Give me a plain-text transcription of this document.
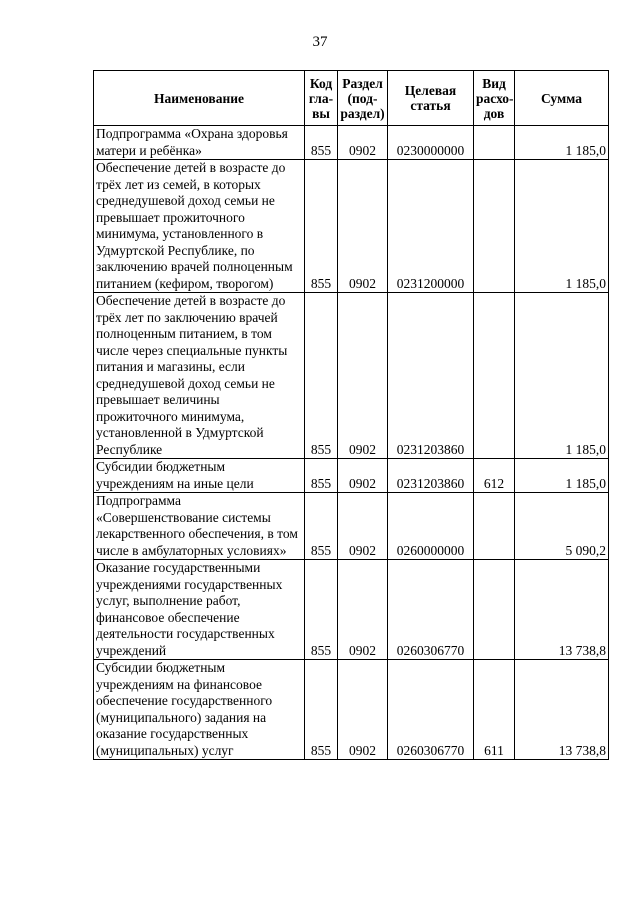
37
Наименование	Код гла- вы	Раздел (под- раздел)	Целевая статья	Вид расхо- дов	Сумма
Подпрограмма «Охрана здоровья матери и ребёнка»	855	0902	0230000000		1 185,0
Обеспечение детей в возрасте до трёх лет из семей, в которых среднедушевой доход семьи не превышает прожиточного минимума, установленного в Удмуртской Республике, по заключению врачей полноценным питанием (кефиром, творогом)	855	0902	0231200000		1 185,0
Обеспечение детей в возрасте до трёх лет по заключению врачей полноценным питанием, в том числе через специальные пункты питания и магазины, если среднедушевой доход семьи не превышает величины прожиточного минимума, установленной в Удмуртской Республике	855	0902	0231203860		1 185,0
Субсидии бюджетным учреждениям на иные цели	855	0902	0231203860	612	1 185,0
Подпрограмма «Совершенствование системы лекарственного обеспечения, в том числе в амбулаторных условиях»	855	0902	0260000000		5 090,2
Оказание государственными учреждениями государственных услуг, выполнение работ, финансовое обеспечение деятельности государственных учреждений	855	0902	0260306770		13 738,8
Субсидии бюджетным учреждениям на финансовое обеспечение государственного (муниципального) задания на оказание государственных (муниципальных) услуг	855	0902	0260306770	611	13 738,8
